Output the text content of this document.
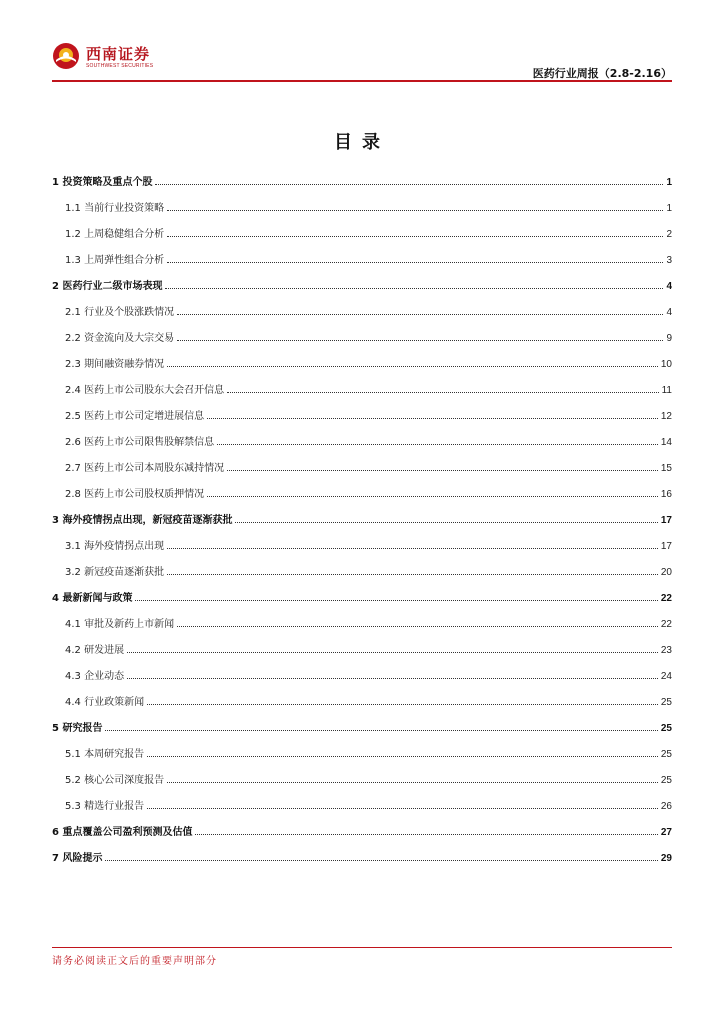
西南证券
SOUTHWEST SECURITIES
医药行业周报（2.8-2.16）
目录
1 投资策略及重点个股	1
1.1 当前行业投资策略	1
1.2 上周稳健组合分析	2
1.3 上周弹性组合分析	3
2 医药行业二级市场表现	4
2.1 行业及个股涨跌情况	4
2.2 资金流向及大宗交易	9
2.3 期间融资融券情况	10
2.4 医药上市公司股东大会召开信息	11
2.5 医药上市公司定增进展信息	12
2.6 医药上市公司限售股解禁信息	14
2.7 医药上市公司本周股东减持情况	15
2.8 医药上市公司股权质押情况	16
3 海外疫情拐点出现，新冠疫苗逐渐获批	17
3.1 海外疫情拐点出现	17
3.2 新冠疫苗逐渐获批	20
4 最新新闻与政策	22
4.1 审批及新药上市新闻	22
4.2 研发进展	23
4.3 企业动态	24
4.4 行业政策新闻	25
5 研究报告	25
5.1 本周研究报告	25
5.2 核心公司深度报告	25
5.3 精选行业报告	26
6 重点覆盖公司盈利预测及估值	27
7 风险提示	29
请务必阅读正文后的重要声明部分
